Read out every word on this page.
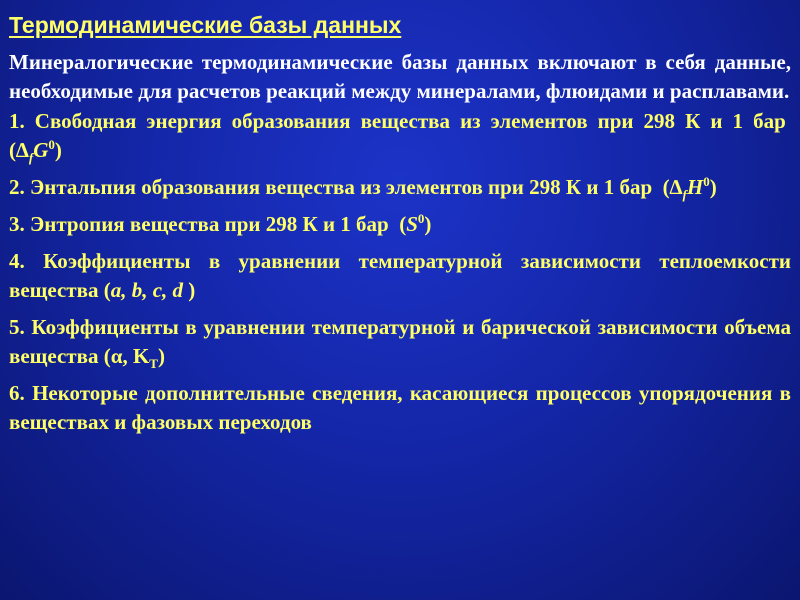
Термодинамические базы данных

Минералогические термодинамические базы данных включают в себя данные, необходимые для расчетов реакций между минералами, флюидами и расплавами.

1. Свободная энергия образования вещества из элементов при 298 К и 1 бар  $(\Delta_fG^0)$

2. Энтальпия образования вещества из элементов при 298 К и 1 бар $(\Delta_fH^0)$

3. Энтропия вещества при 298 К и 1 бар $(S^0)$

4. Коэффициенты в уравнении температурной зависимости теплоемкости вещества (a, b, c, d )

5. Коэффициенты в уравнении температурной и барической зависимости объема вещества (α, $K_T$)

6. Некоторые дополнительные сведения, касающиеся процессов упорядочения в веществах и фазовых переходов
